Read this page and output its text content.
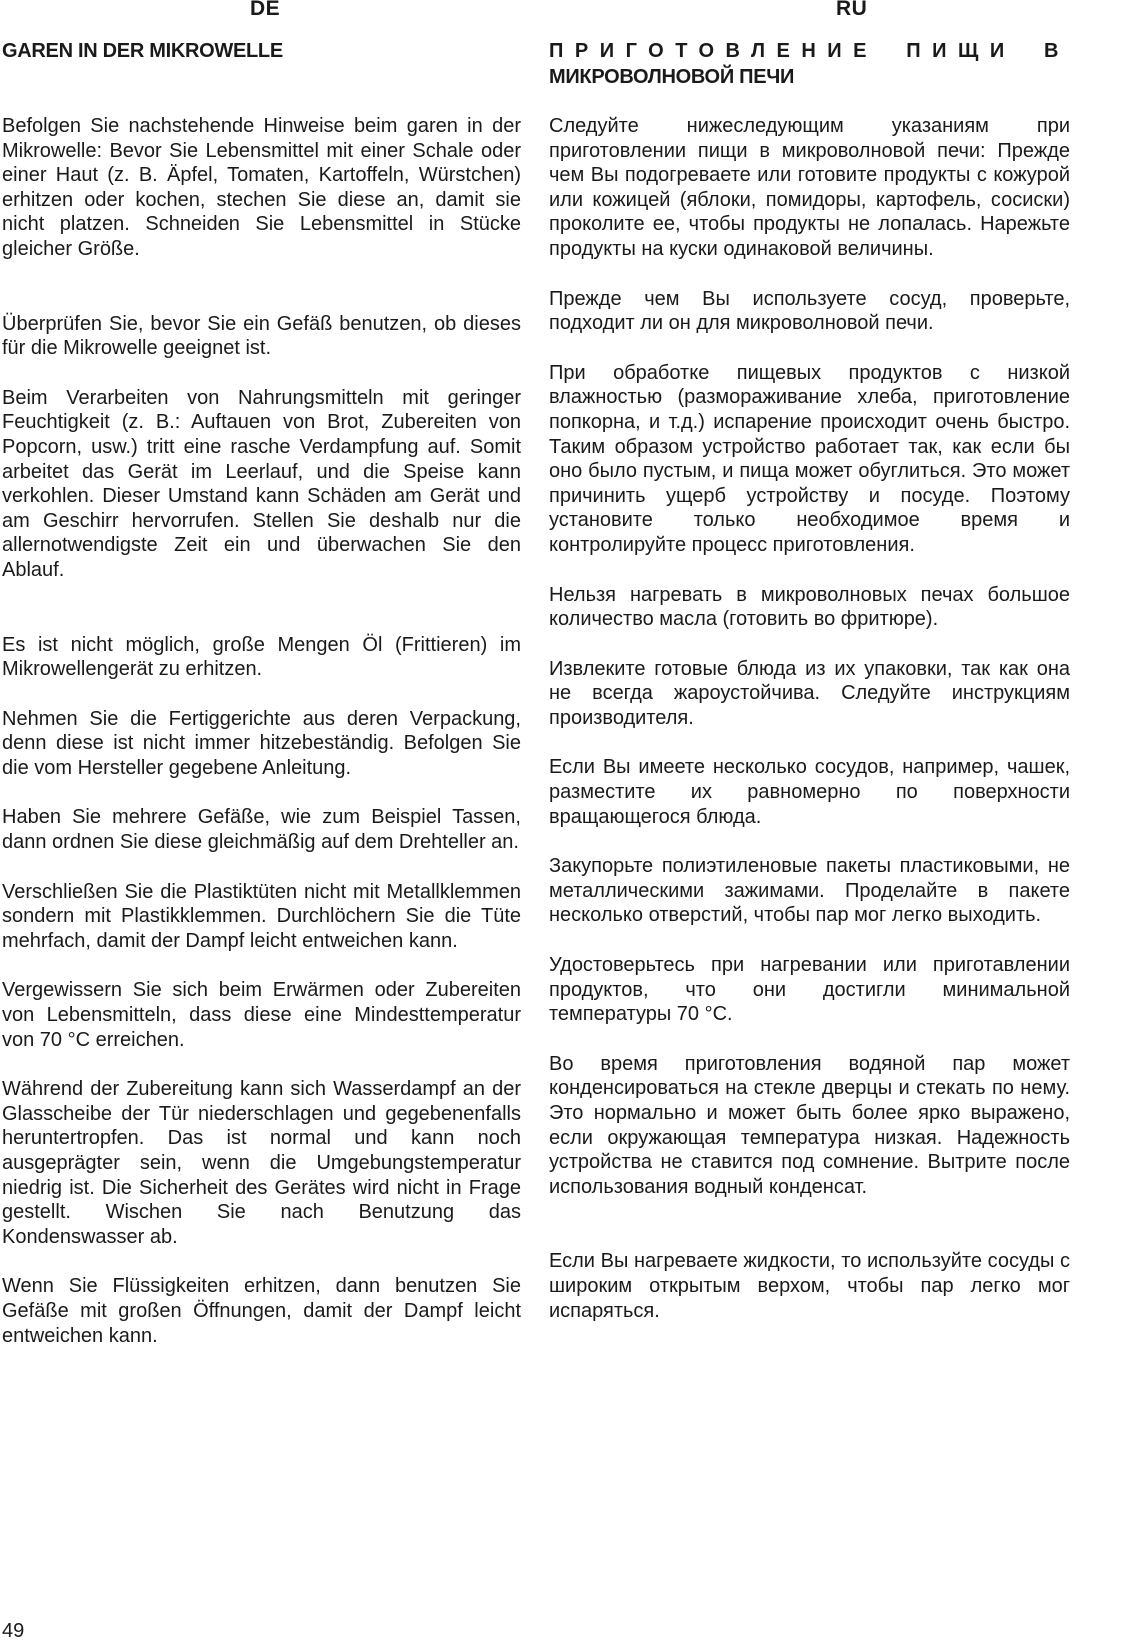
DE	RU
GAREN IN DER MIKROWELLE

Befolgen Sie nachstehende Hinweise beim garen in der Mikrowelle: Bevor Sie Lebensmittel mit einer Schale oder einer Haut (z. B. Äpfel, Tomaten, Kartoffeln, Würstchen) erhitzen oder kochen, stechen Sie diese an, damit sie nicht platzen. Schneiden Sie Lebensmittel in Stücke gleicher Größe.

Überprüfen Sie, bevor Sie ein Gefäß benutzen, ob dieses für die Mikrowelle geeignet ist.

Beim Verarbeiten von Nahrungsmitteln mit geringer Feuchtigkeit (z. B.: Auftauen von Brot, Zubereiten von Popcorn, usw.) tritt eine rasche Verdampfung auf. Somit arbeitet das Gerät im Leerlauf, und die Speise kann verkohlen. Dieser Umstand kann Schäden am Gerät und am Geschirr hervorrufen. Stellen Sie deshalb nur die allernotwendigste Zeit ein und überwachen Sie den Ablauf.

Es ist nicht möglich, große Mengen Öl (Frittieren) im Mikrowellengerät zu erhitzen.

Nehmen Sie die Fertiggerichte aus deren Verpackung, denn diese ist nicht immer hitzebeständig. Befolgen Sie die vom Hersteller gegebene Anleitung.

Haben Sie mehrere Gefäße, wie zum Beispiel Tassen, dann ordnen Sie diese gleichmäßig auf dem Drehteller an.

Verschließen Sie die Plastiktüten nicht mit Metallklemmen sondern mit Plastikklemmen. Durchlöchern Sie die Tüte mehrfach, damit der Dampf leicht entweichen kann.

Vergewissern Sie sich beim Erwärmen oder Zubereiten von Lebensmitteln, dass diese eine Mindesttemperatur von 70 °C erreichen.

Während der Zubereitung kann sich Wasserdampf an der Glasscheibe der Tür niederschlagen und gegebenenfalls heruntertropfen. Das ist normal und kann noch ausgeprägter sein, wenn die Umgebungstemperatur niedrig ist. Die Sicherheit des Gerätes wird nicht in Frage gestellt. Wischen Sie nach Benutzung das Kondenswasser ab.

Wenn Sie Flüssigkeiten erhitzen, dann benutzen Sie Gefäße mit großen Öffnungen, damit der Dampf leicht entweichen kann.

ПРИГОТОВЛЕНИЕ ПИЩИ В
МИКРОВОЛНОВОЙ ПЕЧИ

Следуйте нижеследующим указаниям при приготовлении пищи в микроволновой печи: Прежде чем Вы подогреваете или готовите продукты с кожурой или кожицей (яблоки, помидоры, картофель, сосиски) проколите ее, чтобы продукты не лопалась. Нарежьте продукты на куски одинаковой величины.

Прежде чем Вы используете сосуд, проверьте, подходит ли он для микроволновой печи.

При обработке пищевых продуктов с низкой влажностью (размораживание хлеба, приготовление попкорна, и т.д.) испарение происходит очень быстро. Таким образом устройство работает так, как если бы оно было пустым, и пища может обуглиться. Это может причинить ущерб устройству и посуде. Поэтому установите только необходимое время и контролируйте процесс приготовления.

Нельзя нагревать в микроволновых печах большое количество масла (готовить во фритюре).

Извлеките готовые блюда из их упаковки, так как она не всегда жароустойчива. Следуйте инструкциям производителя.

Если Вы имеете несколько сосудов, например, чашек, разместите их равномерно по поверхности вращающегося блюда.

Закупорьте полиэтиленовые пакеты пластиковыми, не металлическими зажимами. Проделайте в пакете несколько отверстий, чтобы пар мог легко выходить.

Удостоверьтесь при нагревании или приготавлении продуктов, что они достигли минимальной температуры 70 °С.

Во время приготовления водяной пар может конденсироваться на стекле дверцы и стекать по нему. Это нормально и может быть более ярко выражено, если окружающая температура низкая. Надежность устройства не ставится под сомнение. Вытрите после использования водный конденсат.

Если Вы нагреваете жидкости, то используйте сосуды с широким открытым верхом, чтобы пар легко мог испаряться.

49
